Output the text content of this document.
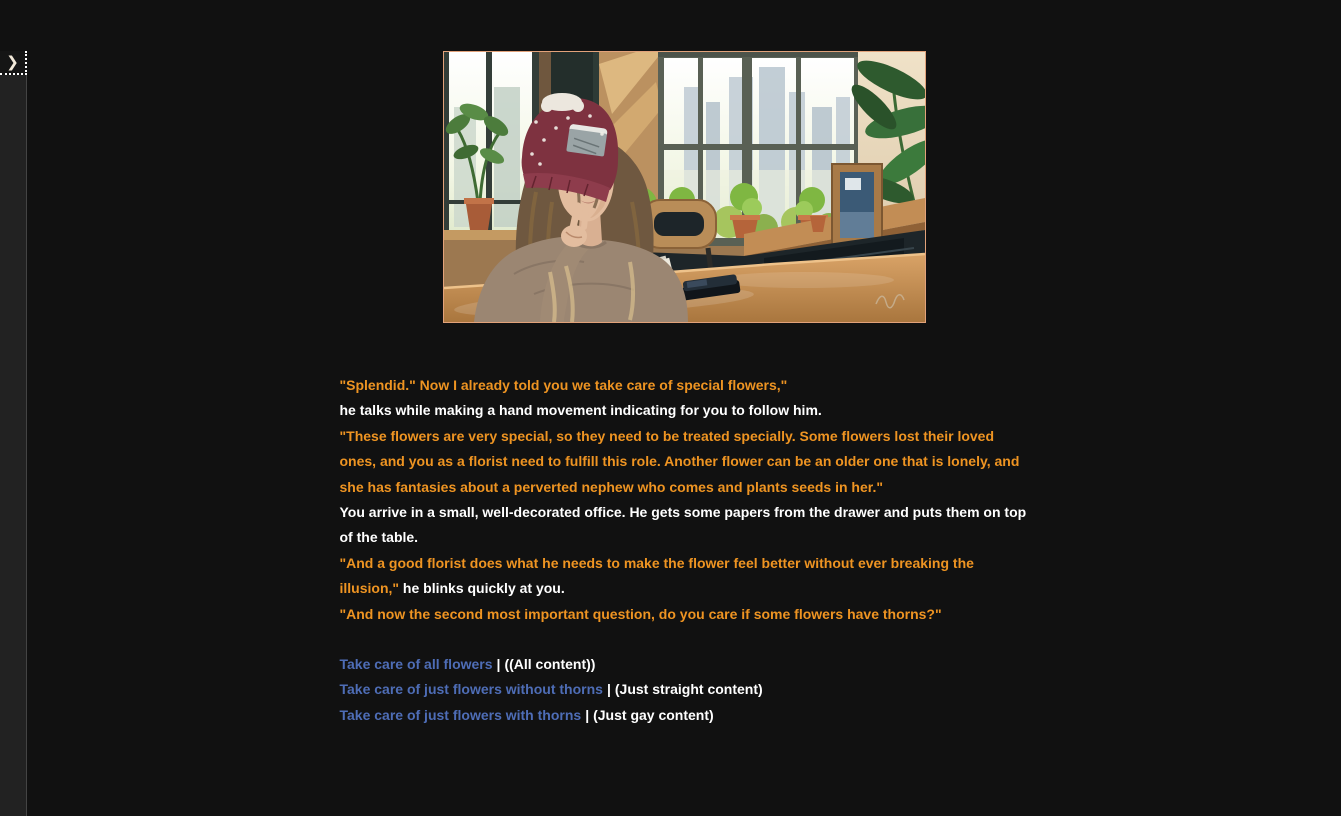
❯
"Splendid." Now I already told you we take care of special flowers,"
he talks while making a hand movement indicating for you to follow him.
"These flowers are very special, so they need to be treated specially. Some flowers lost their loved ones, and you as a florist need to fulfill this role. Another flower can be an older one that is lonely, and she has fantasies about a perverted nephew who comes and plants seeds in her."
You arrive in a small, well-decorated office. He gets some papers from the drawer and puts them on top of the table.
"And a good florist does what he needs to make the flower feel better without ever breaking the illusion," he blinks quickly at you.
"And now the second most important question, do you care if some flowers have thorns?"
Take care of all flowers | ((All content))
Take care of just flowers without thorns | (Just straight content)
Take care of just flowers with thorns | (Just gay content)
